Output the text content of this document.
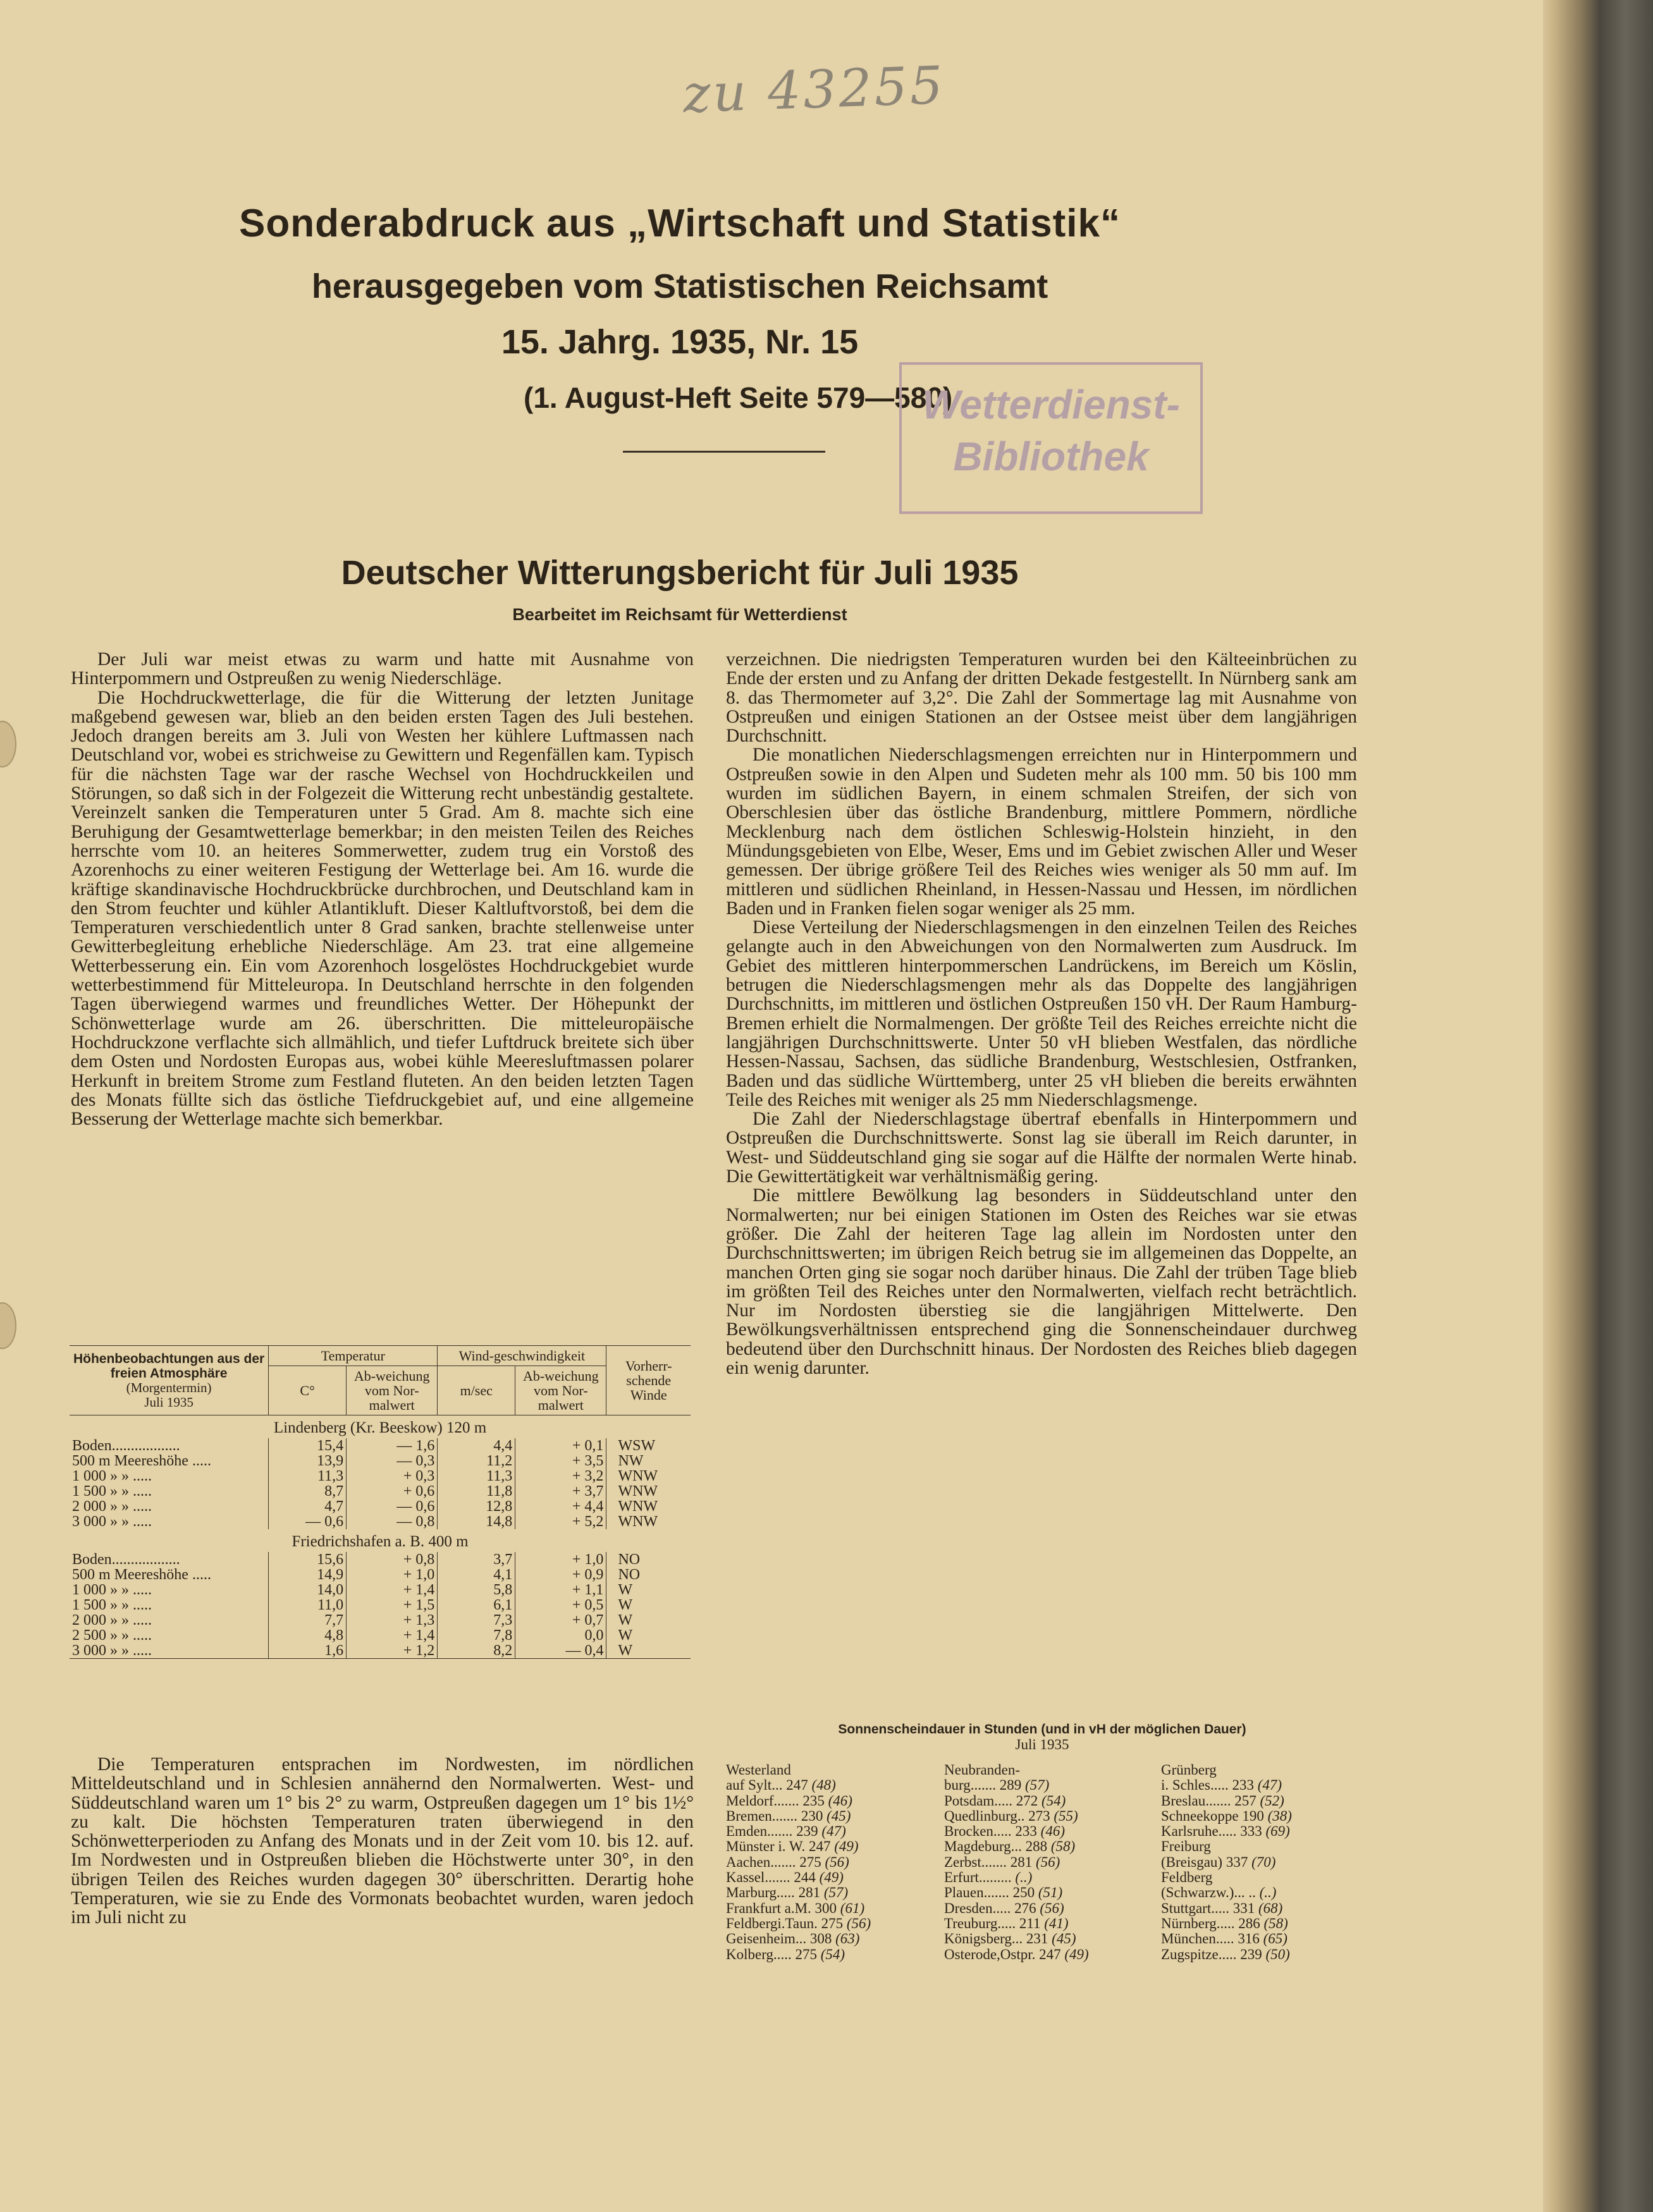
zu 43255
Sonderabdruck aus „Wirtschaft und Statistik“
herausgegeben vom Statistischen Reichsamt
15. Jahrg. 1935, Nr. 15
(1. August-Heft Seite 579—580)
Wetterdienst-
Bibliothek
Deutscher Witterungsbericht für Juli 1935
Bearbeitet im Reichsamt für Wetterdienst

Der Juli war meist etwas zu warm und hatte mit Ausnahme von Hinterpommern und Ostpreußen zu wenig Niederschläge.

Die Hochdruckwetterlage, die für die Witterung der letzten Junitage maßgebend gewesen war, blieb an den beiden ersten Tagen des Juli bestehen. Jedoch drangen bereits am 3. Juli von Westen her kühlere Luftmassen nach Deutschland vor, wobei es strichweise zu Gewittern und Regenfällen kam. Typisch für die nächsten Tage war der rasche Wechsel von Hochdruckkeilen und Störungen, so daß sich in der Folgezeit die Witterung recht unbeständig gestaltete. Vereinzelt sanken die Temperaturen unter 5 Grad. Am 8. machte sich eine Beruhigung der Gesamtwetterlage bemerkbar; in den meisten Teilen des Reiches herrschte vom 10. an heiteres Sommerwetter, zudem trug ein Vorstoß des Azorenhochs zu einer weiteren Festigung der Wetterlage bei. Am 16. wurde die kräftige skandinavische Hochdruckbrücke durchbrochen, und Deutschland kam in den Strom feuchter und kühler Atlantikluft. Dieser Kaltluftvorstoß, bei dem die Temperaturen verschiedentlich unter 8 Grad sanken, brachte stellenweise unter Gewitterbegleitung erhebliche Niederschläge. Am 23. trat eine allgemeine Wetterbesserung ein. Ein vom Azorenhoch losgelöstes Hochdruckgebiet wurde wetterbestimmend für Mitteleuropa. In Deutschland herrschte in den folgenden Tagen überwiegend warmes und freundliches Wetter. Der Höhepunkt der Schönwetterlage wurde am 26. überschritten. Die mitteleuropäische Hochdruckzone verflachte sich allmählich, und tiefer Luftdruck breitete sich über dem Osten und Nordosten Europas aus, wobei kühle Meeresluftmassen polarer Herkunft in breitem Strome zum Festland fluteten. An den beiden letzten Tagen des Monats füllte sich das östliche Tiefdruckgebiet auf, und eine allgemeine Besserung der Wetterlage machte sich bemerkbar.

Höhenbeobachtungen aus der freien Atmosphäre
(Morgentermin)
Juli 1935	Temperatur		Wind-geschwindigkeit		Vorherr-schende Winde
	C°	Ab-weichung vom Nor-malwert	m/sec	Ab-weichung vom Nor-malwert	
Lindenberg (Kr. Beeskow) 120 m					
Boden..................	15,4	— 1,6	4,4	+ 0,1	WSW
500 m Meereshöhe .....	13,9	— 0,3	11,2	+ 3,5	NW
1 000 » » .....	11,3	+ 0,3	11,3	+ 3,2	WNW
1 500 » » .....	8,7	+ 0,6	11,8	+ 3,7	WNW
2 000 » » .....	4,7	— 0,6	12,8	+ 4,4	WNW
3 000 » » .....	— 0,6	— 0,8	14,8	+ 5,2	WNW
Friedrichshafen a. B. 400 m					
Boden..................	15,6	+ 0,8	3,7	+ 1,0	NO
500 m Meereshöhe .....	14,9	+ 1,0	4,1	+ 0,9	NO
1 000 » » .....	14,0	+ 1,4	5,8	+ 1,1	W
1 500 » » .....	11,0	+ 1,5	6,1	+ 0,5	W
2 000 » » .....	7,7	+ 1,3	7,3	+ 0,7	W
2 500 » » .....	4,8	+ 1,4	7,8	0,0	W
3 000 » » .....	1,6	+ 1,2	8,2	— 0,4	W

Die Temperaturen entsprachen im Nordwesten, im nördlichen Mitteldeutschland und in Schlesien annähernd den Normalwerten. West- und Süddeutschland waren um 1° bis 2° zu warm, Ostpreußen dagegen um 1° bis 1½° zu kalt. Die höchsten Temperaturen traten überwiegend in den Schönwetterperioden zu Anfang des Monats und in der Zeit vom 10. bis 12. auf. Im Nordwesten und in Ostpreußen blieben die Höchstwerte unter 30°, in den übrigen Teilen des Reiches wurden dagegen 30° überschritten. Derartig hohe Temperaturen, wie sie zu Ende des Vormonats beobachtet wurden, waren jedoch im Juli nicht zu

verzeichnen. Die niedrigsten Temperaturen wurden bei den Kälteeinbrüchen zu Ende der ersten und zu Anfang der dritten Dekade festgestellt. In Nürnberg sank am 8. das Thermometer auf 3,2°. Die Zahl der Sommertage lag mit Ausnahme von Ostpreußen und einigen Stationen an der Ostsee meist über dem langjährigen Durchschnitt.

Die monatlichen Niederschlagsmengen erreichten nur in Hinterpommern und Ostpreußen sowie in den Alpen und Sudeten mehr als 100 mm. 50 bis 100 mm wurden im südlichen Bayern, in einem schmalen Streifen, der sich von Oberschlesien über das östliche Brandenburg, mittlere Pommern, nördliche Mecklenburg nach dem östlichen Schleswig-Holstein hinzieht, in den Mündungsgebieten von Elbe, Weser, Ems und im Gebiet zwischen Aller und Weser gemessen. Der übrige größere Teil des Reiches wies weniger als 50 mm auf. Im mittleren und südlichen Rheinland, in Hessen-Nassau und Hessen, im nördlichen Baden und in Franken fielen sogar weniger als 25 mm.

Diese Verteilung der Niederschlagsmengen in den einzelnen Teilen des Reiches gelangte auch in den Abweichungen von den Normalwerten zum Ausdruck. Im Gebiet des mittleren hinterpommerschen Landrückens, im Bereich um Köslin, betrugen die Niederschlagsmengen mehr als das Doppelte des langjährigen Durchschnitts, im mittleren und östlichen Ostpreußen 150 vH. Der Raum Hamburg-Bremen erhielt die Normalmengen. Der größte Teil des Reiches erreichte nicht die langjährigen Durchschnittswerte. Unter 50 vH blieben Westfalen, das nördliche Hessen-Nassau, Sachsen, das südliche Brandenburg, Westschlesien, Ostfranken, Baden und das südliche Württemberg, unter 25 vH blieben die bereits erwähnten Teile des Reiches mit weniger als 25 mm Niederschlagsmenge.

Die Zahl der Niederschlagstage übertraf ebenfalls in Hinterpommern und Ostpreußen die Durchschnittswerte. Sonst lag sie überall im Reich darunter, in West- und Süddeutschland ging sie sogar auf die Hälfte der normalen Werte hinab. Die Gewittertätigkeit war verhältnismäßig gering.

Die mittlere Bewölkung lag besonders in Süddeutschland unter den Normalwerten; nur bei einigen Stationen im Osten des Reiches war sie etwas größer. Die Zahl der heiteren Tage lag allein im Nordosten unter den Durchschnittswerten; im übrigen Reich betrug sie im allgemeinen das Doppelte, an manchen Orten ging sie sogar noch darüber hinaus. Die Zahl der trüben Tage blieb im größten Teil des Reiches unter den Normalwerten, vielfach recht beträchtlich. Nur im Nordosten überstieg sie die langjährigen Mittelwerte. Den Bewölkungsverhältnissen entsprechend ging die Sonnenscheindauer durchweg bedeutend über den Durchschnitt hinaus. Der Nordosten des Reiches blieb dagegen ein wenig darunter.

Sonnenscheindauer in Stunden (und in vH der möglichen Dauer)
Juli 1935
Westerland
auf Sylt... 247 (48)
Meldorf....... 235 (46)
Bremen....... 230 (45)
Emden....... 239 (47)
Münster i. W. 247 (49)
Aachen....... 275 (56)
Kassel....... 244 (49)
Marburg..... 281 (57)
Frankfurt a.M. 300 (61)
Feldbergi.Taun. 275 (56)
Geisenheim... 308 (63)
Kolberg..... 275 (54)
Neubranden-
burg....... 289 (57)
Potsdam..... 272 (54)
Quedlinburg.. 273 (55)
Brocken..... 233 (46)
Magdeburg... 288 (58)
Zerbst....... 281 (56)
Erfurt......... (..)
Plauen....... 250 (51)
Dresden..... 276 (56)
Treuburg..... 211 (41)
Königsberg... 231 (45)
Osterode,Ostpr. 247 (49)
Grünberg
i. Schles..... 233 (47)
Breslau....... 257 (52)
Schneekoppe 190 (38)
Karlsruhe..... 333 (69)
Freiburg
(Breisgau) 337 (70)
Feldberg
(Schwarzw.)... .. (..)
Stuttgart..... 331 (68)
Nürnberg..... 286 (58)
München..... 316 (65)
Zugspitze..... 239 (50)
